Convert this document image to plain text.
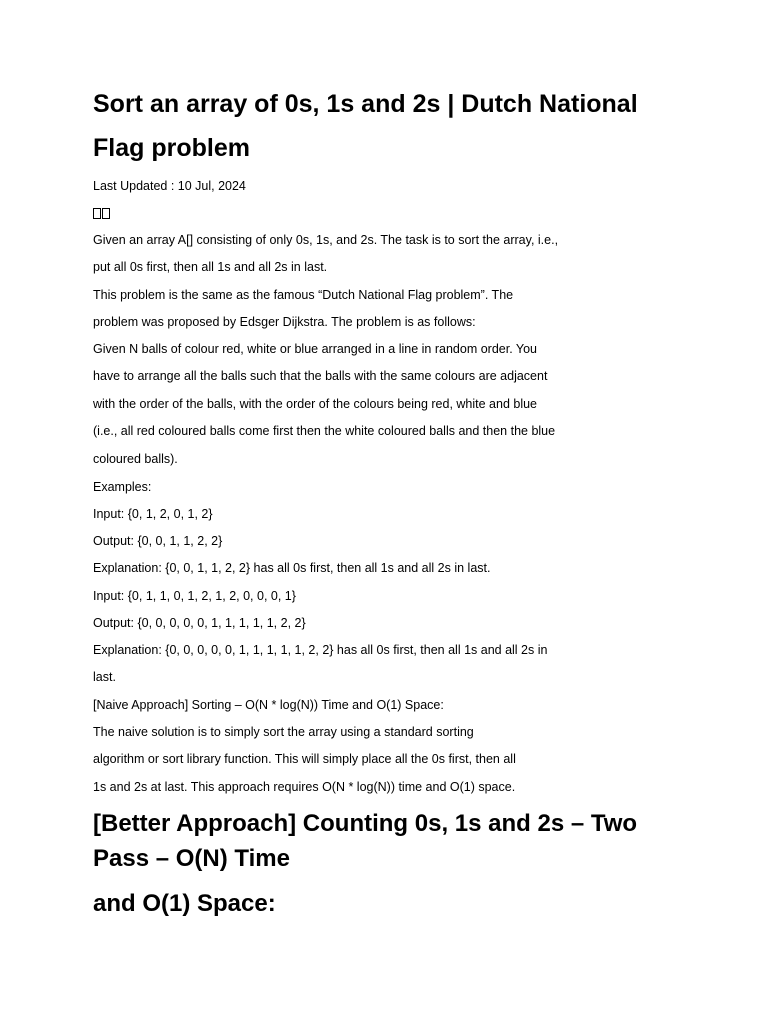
Sort an array of 0s, 1s and 2s | Dutch National Flag problem

Last Updated : 10 Jul, 2024

Given an array A[] consisting of only 0s, 1s, and 2s. The task is to sort the array, i.e.,
put all 0s first, then all 1s and all 2s in last.

This problem is the same as the famous “Dutch National Flag problem”. The
problem was proposed by Edsger Dijkstra. The problem is as follows:

Given N balls of colour red, white or blue arranged in a line in random order. You
have to arrange all the balls such that the balls with the same colours are adjacent
with the order of the balls, with the order of the colours being red, white and blue
(i.e., all red coloured balls come first then the white coloured balls and then the blue
coloured balls).

Examples:

Input: {0, 1, 2, 0, 1, 2}

Output: {0, 0, 1, 1, 2, 2}

Explanation: {0, 0, 1, 1, 2, 2} has all 0s first, then all 1s and all 2s in last.

Input: {0, 1, 1, 0, 1, 2, 1, 2, 0, 0, 0, 1}

Output: {0, 0, 0, 0, 0, 1, 1, 1, 1, 1, 2, 2}

Explanation: {0, 0, 0, 0, 0, 1, 1, 1, 1, 1, 2, 2} has all 0s first, then all 1s and all 2s in
last.

[Naive Approach] Sorting – O(N * log(N)) Time and O(1) Space:

The naive solution is to simply sort the array using a standard sorting
algorithm or sort library function. This will simply place all the 0s first, then all
1s and 2s at last. This approach requires O(N * log(N)) time and O(1) space.

[Better Approach] Counting 0s, 1s and 2s – Two Pass – O(N) Time
and O(1) Space:
